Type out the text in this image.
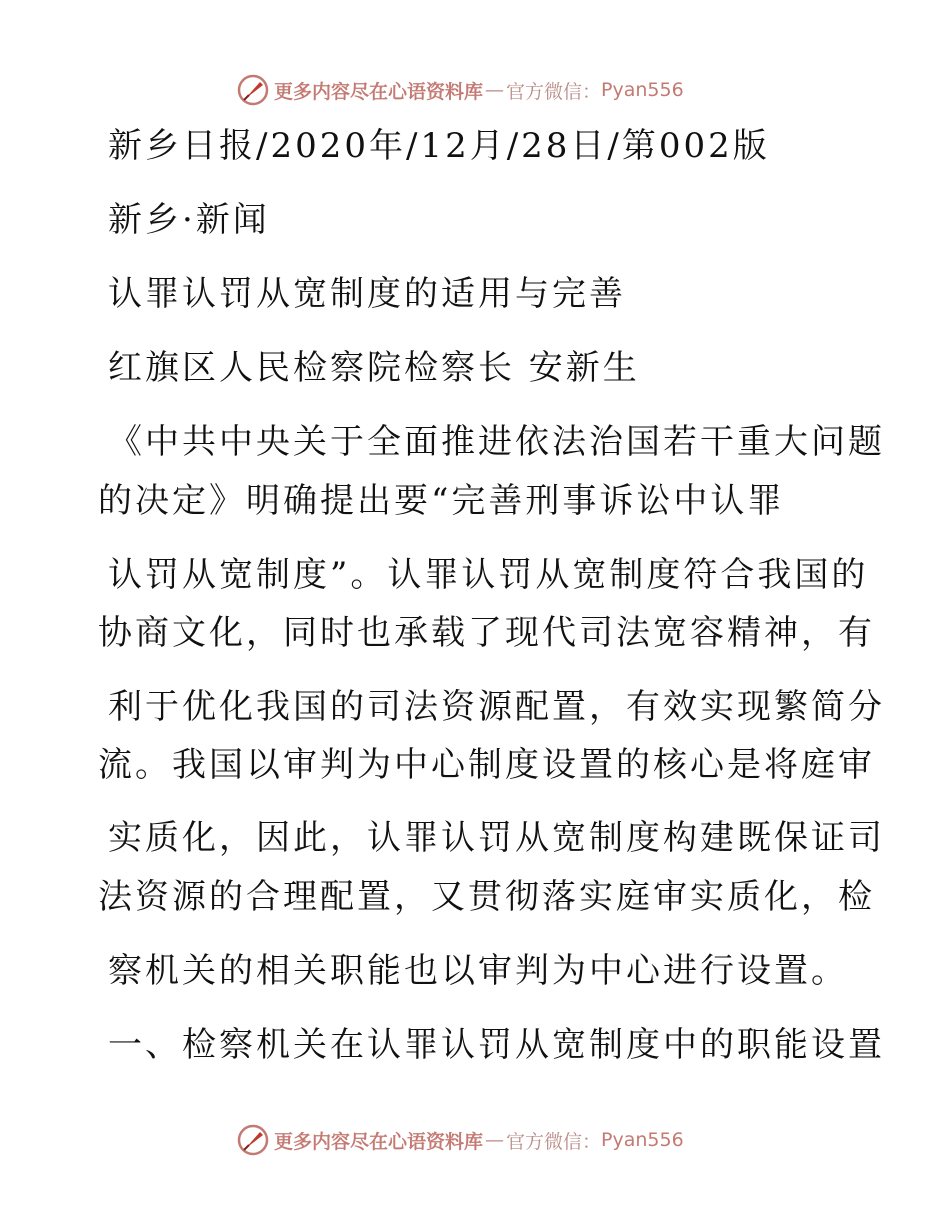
更多内容尽在心语资料库 — 官方微信： Pyan556
新乡日报/2020年/12月/28日/第002版
新乡·新闻
认罪认罚从宽制度的适用与完善
红旗区人民检察院检察长 安新生
《中共中央关于全面推进依法治国若干重大问题
的决定》明确提出要“完善刑事诉讼中认罪
认罚从宽制度”。认罪认罚从宽制度符合我国的
协商文化，同时也承载了现代司法宽容精神，有
利于优化我国的司法资源配置，有效实现繁简分
流。我国以审判为中心制度设置的核心是将庭审
实质化，因此，认罪认罚从宽制度构建既保证司
法资源的合理配置，又贯彻落实庭审实质化，检
察机关的相关职能也以审判为中心进行设置。
一、检察机关在认罪认罚从宽制度中的职能设置
更多内容尽在心语资料库 — 官方微信： Pyan556
